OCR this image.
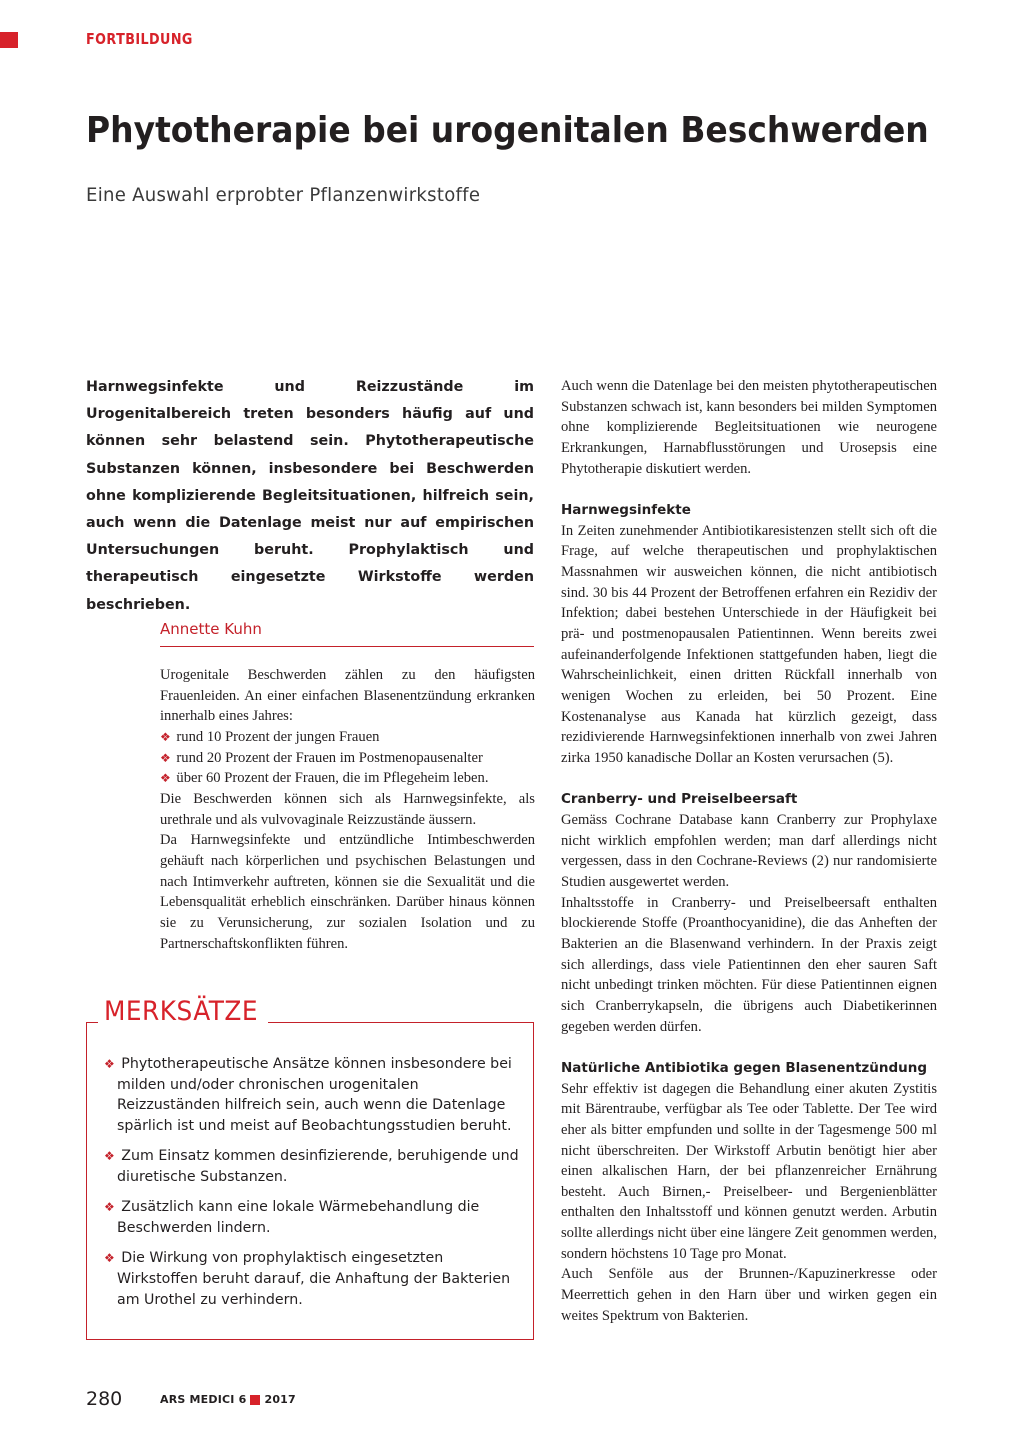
FORTBILDUNG
Phytotherapie bei urogenitalen Beschwerden
Eine Auswahl erprobter Pflanzenwirkstoffe

Harnwegsinfekte und Reizzustände im Urogenitalbereich treten besonders häufig auf und können sehr belastend sein. Phytotherapeutische Substanzen können, insbesondere bei Beschwerden ohne komplizierende Begleitsituationen, hilfreich sein, auch wenn die Datenlage meist nur auf empirischen Untersuchungen beruht. Prophylaktisch und therapeutisch eingesetzte Wirkstoffe werden beschrieben.

Annette Kuhn

Urogenitale Beschwerden zählen zu den häufigsten Frauenleiden. An einer einfachen Blasenentzündung erkranken innerhalb eines Jahres:

❖ rund 10 Prozent der jungen Frauen
❖ rund 20 Prozent der Frauen im Postmenopausenalter
❖ über 60 Prozent der Frauen, die im Pflegeheim leben.

Die Beschwerden können sich als Harnwegsinfekte, als urethrale und als vulvovaginale Reizzustände äussern.

Da Harnwegsinfekte und entzündliche Intimbeschwerden gehäuft nach körperlichen und psychischen Belastungen und nach Intimverkehr auftreten, können sie die Sexualität und die Lebensqualität erheblich einschränken. Darüber hinaus können sie zu Verunsicherung, zur sozialen Isolation und zu Partnerschaftskonflikten führen.

MERKSÄTZE
❖ Phytotherapeutische Ansätze können insbesondere bei milden und/oder chronischen urogenitalen Reizzuständen hilfreich sein, auch wenn die Datenlage spärlich ist und meist auf Beobachtungsstudien beruht.
❖ Zum Einsatz kommen desinfizierende, beruhigende und diuretische Substanzen.
❖ Zusätzlich kann eine lokale Wärmebehandlung die Beschwerden lindern.
❖ Die Wirkung von prophylaktisch eingesetzten Wirkstoffen beruht darauf, die Anhaftung der Bakterien am Urothel zu verhindern.

Auch wenn die Datenlage bei den meisten phytotherapeutischen Substanzen schwach ist, kann besonders bei milden Symptomen ohne komplizierende Begleitsituationen wie neurogene Erkrankungen, Harnabflusstörungen und Urosepsis eine Phytotherapie diskutiert werden.

Harnwegsinfekte

In Zeiten zunehmender Antibiotikaresistenzen stellt sich oft die Frage, auf welche therapeutischen und prophylaktischen Massnahmen wir ausweichen können, die nicht antibiotisch sind. 30 bis 44 Prozent der Betroffenen erfahren ein Rezidiv der Infektion; dabei bestehen Unterschiede in der Häufigkeit bei prä- und postmenopausalen Patientinnen. Wenn bereits zwei aufeinanderfolgende Infektionen stattgefunden haben, liegt die Wahrscheinlichkeit, einen dritten Rückfall innerhalb von wenigen Wochen zu erleiden, bei 50 Prozent. Eine Kostenanalyse aus Kanada hat kürzlich gezeigt, dass rezidivierende Harnwegsinfektionen innerhalb von zwei Jahren zirka 1950 kanadische Dollar an Kosten verursachen (5).

Cranberry- und Preiselbeersaft

Gemäss Cochrane Database kann Cranberry zur Prophylaxe nicht wirklich empfohlen werden; man darf allerdings nicht vergessen, dass in den Cochrane-Reviews (2) nur randomisierte Studien ausgewertet werden.

Inhaltsstoffe in Cranberry- und Preiselbeersaft enthalten blockierende Stoffe (Proanthocyanidine), die das Anheften der Bakterien an die Blasenwand verhindern. In der Praxis zeigt sich allerdings, dass viele Patientinnen den eher sauren Saft nicht unbedingt trinken möchten. Für diese Patientinnen eignen sich Cranberrykapseln, die übrigens auch Diabetikerinnen gegeben werden dürfen.

Natürliche Antibiotika gegen Blasenentzündung

Sehr effektiv ist dagegen die Behandlung einer akuten Zystitis mit Bärentraube, verfügbar als Tee oder Tablette. Der Tee wird eher als bitter empfunden und sollte in der Tagesmenge 500 ml nicht überschreiten. Der Wirkstoff Arbutin benötigt hier aber einen alkalischen Harn, der bei pflanzenreicher Ernährung besteht. Auch Birnen,- Preiselbeer- und Bergenienblätter enthalten den Inhaltsstoff und können genutzt werden. Arbutin sollte allerdings nicht über eine längere Zeit genommen werden, sondern höchstens 10 Tage pro Monat.

Auch Senföle aus der Brunnen-/Kapuzinerkresse oder Meerrettich gehen in den Harn über und wirken gegen ein weites Spektrum von Bakterien.

280	ARS MEDICI 6 2017
